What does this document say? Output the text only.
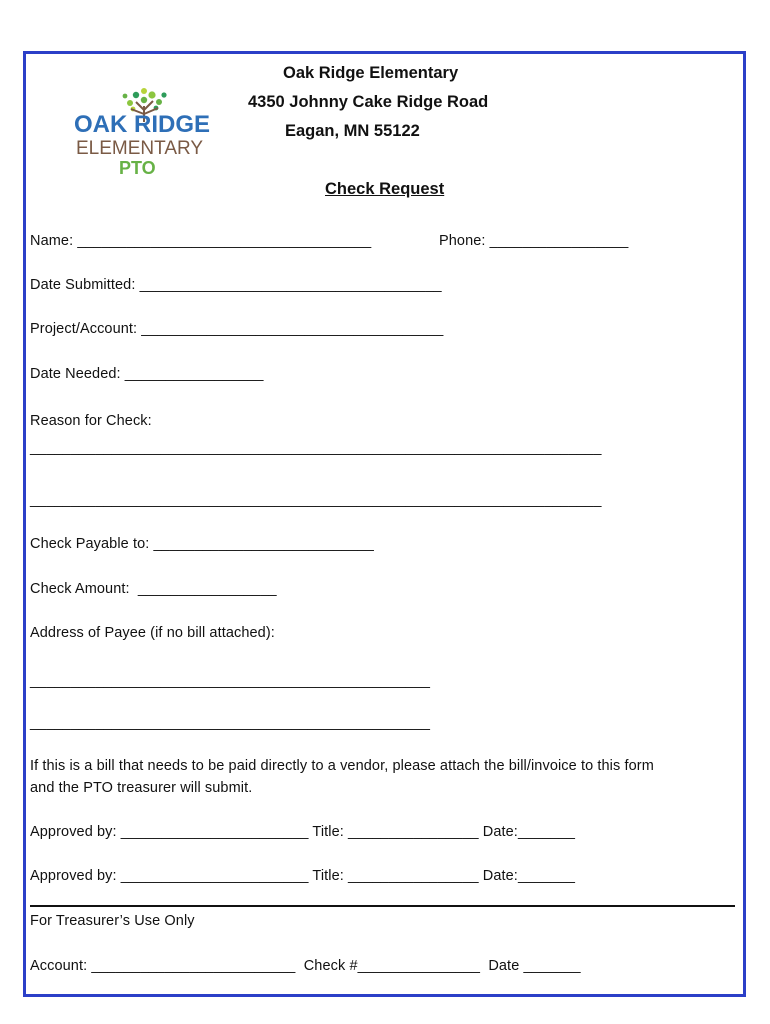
OAK RIDGE
ELEMENTARY
PTO
Oak Ridge Elementary
4350 Johnny Cake Ridge Road
Eagan, MN 55122
Check Request
Name: ____________________________________	Phone: _________________
Date Submitted: _____________________________________
Project/Account: _____________________________________
Date Needed: _________________
Reason for Check:
______________________________________________________________________
______________________________________________________________________
Check Payable to: ___________________________
Check Amount:  _________________
Address of Payee (if no bill attached):
_________________________________________________
_________________________________________________
If this is a bill that needs to be paid directly to a vendor, please attach the bill/invoice to this form
and the PTO treasurer will submit.
Approved by: _______________________ Title: ________________ Date:_______
Approved by: _______________________ Title: ________________ Date:_______
For Treasurer’s Use Only
Account: _________________________  Check #_______________  Date _______
